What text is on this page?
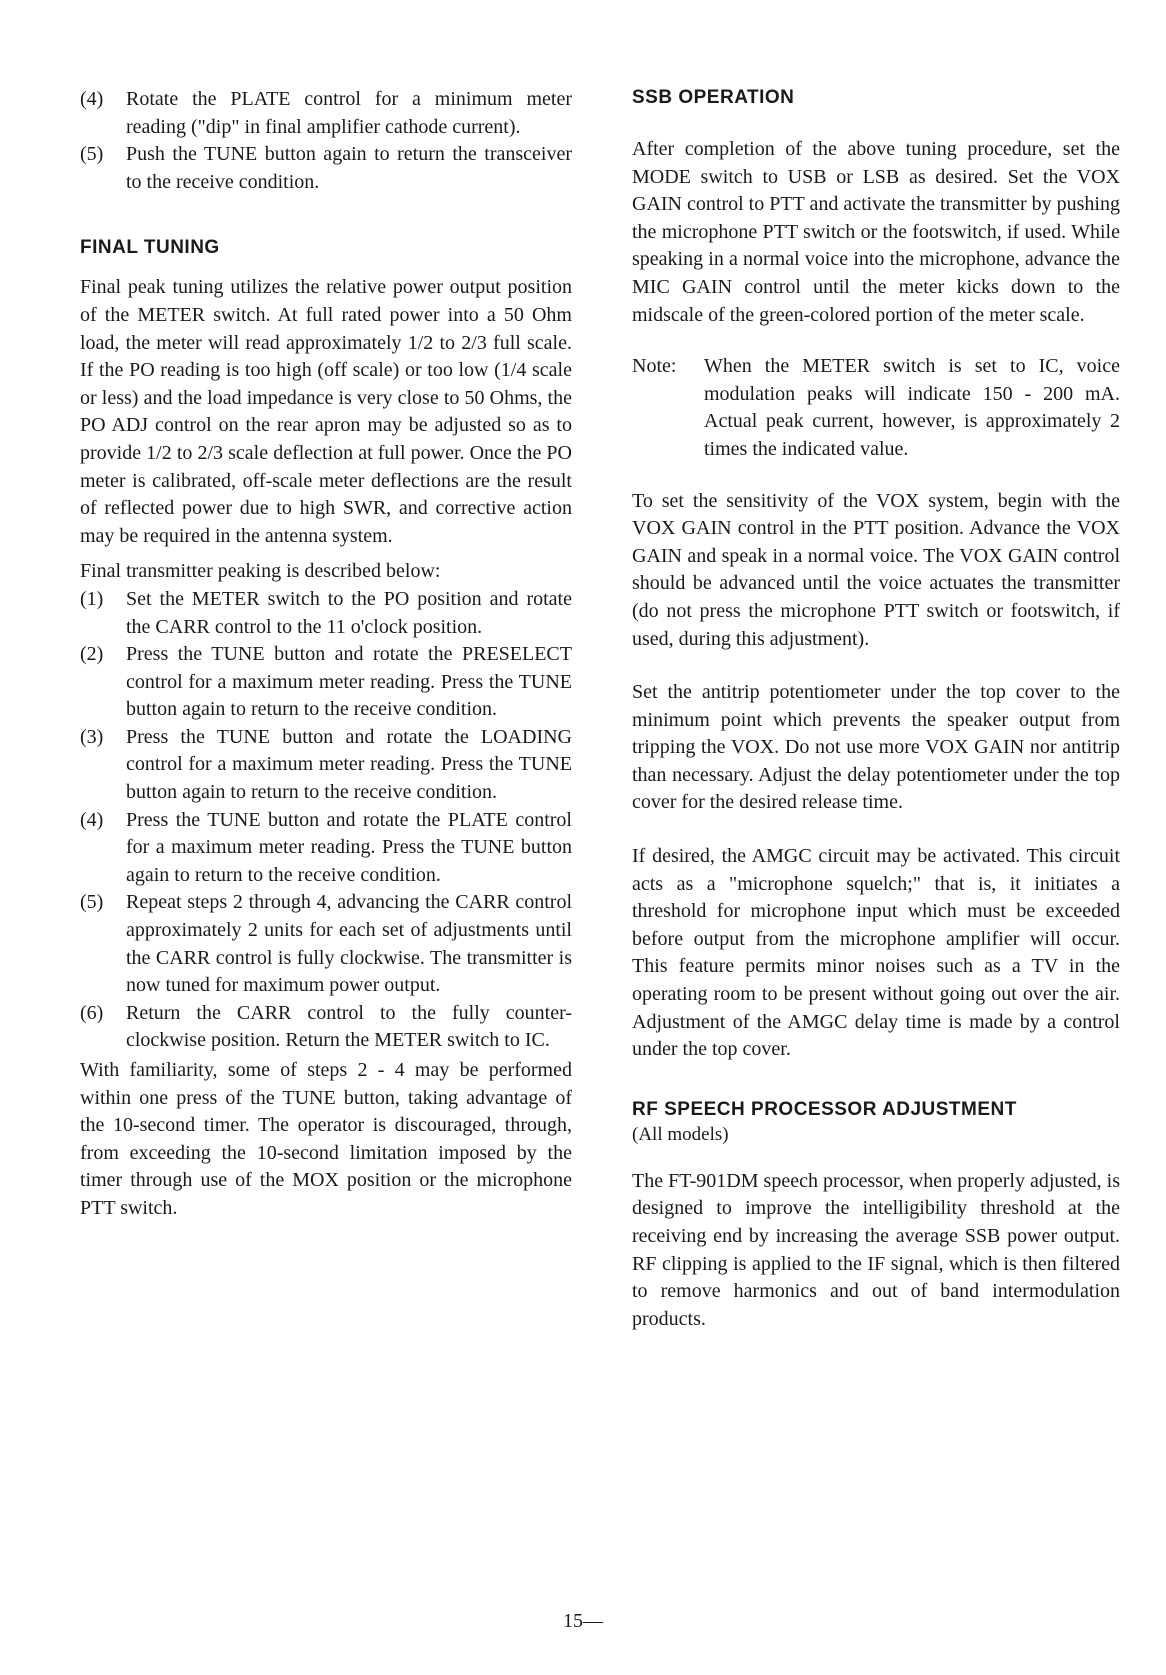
(4)	Rotate the PLATE control for a minimum meter reading ("dip" in final amplifier cathode current).
(5)	Push the TUNE button again to return the transceiver to the receive condition.
FINAL TUNING

Final peak tuning utilizes the relative power output position of the METER switch. At full rated power into a 50 Ohm load, the meter will read approximately 1/2 to 2/3 full scale. If the PO reading is too high (off scale) or too low (1/4 scale or less) and the load impedance is very close to 50 Ohms, the PO ADJ control on the rear apron may be adjusted so as to provide 1/2 to 2/3 scale deflection at full power. Once the PO meter is calibrated, off-scale meter deflections are the result of reflected power due to high SWR, and corrective action may be required in the antenna system.

Final transmitter peaking is described below:

(1)	Set the METER switch to the PO position and rotate the CARR control to the 11 o'clock position.
(2)	Press the TUNE button and rotate the PRESELECT control for a maximum meter reading. Press the TUNE button again to return to the receive condition.
(3)	Press the TUNE button and rotate the LOADING control for a maximum meter reading. Press the TUNE button again to return to the receive condition.
(4)	Press the TUNE button and rotate the PLATE control for a maximum meter reading. Press the TUNE button again to return to the receive condition.
(5)	Repeat steps 2 through 4, advancing the CARR control approximately 2 units for each set of adjustments until the CARR control is fully clockwise. The transmitter is now tuned for maximum power output.
(6)	Return the CARR control to the fully counter-clockwise position. Return the METER switch to IC.

With familiarity, some of steps 2 - 4 may be performed within one press of the TUNE button, taking advantage of the 10-second timer. The operator is discouraged, through, from exceeding the 10-second limitation imposed by the timer through use of the MOX position or the microphone PTT switch.

SSB OPERATION

After completion of the above tuning procedure, set the MODE switch to USB or LSB as desired. Set the VOX GAIN control to PTT and activate the transmitter by pushing the microphone PTT switch or the footswitch, if used. While speaking in a normal voice into the microphone, advance the MIC GAIN control until the meter kicks down to the midscale of the green-colored portion of the meter scale.

Note:	When the METER switch is set to IC, voice modulation peaks will indicate 150 - 200 mA. Actual peak current, however, is approximately 2 times the indicated value.

To set the sensitivity of the VOX system, begin with the VOX GAIN control in the PTT position. Advance the VOX GAIN and speak in a normal voice. The VOX GAIN control should be advanced until the voice actuates the transmitter (do not press the microphone PTT switch or footswitch, if used, during this adjustment).

Set the antitrip potentiometer under the top cover to the minimum point which prevents the speaker output from tripping the VOX. Do not use more VOX GAIN nor antitrip than necessary. Adjust the delay potentiometer under the top cover for the desired release time.

If desired, the AMGC circuit may be activated. This circuit acts as a "microphone squelch;" that is, it initiates a threshold for microphone input which must be exceeded before output from the microphone amplifier will occur. This feature permits minor noises such as a TV in the operating room to be present without going out over the air. Adjustment of the AMGC delay time is made by a control under the top cover.

RF SPEECH PROCESSOR ADJUSTMENT
(All models)

The FT-901DM speech processor, when properly adjusted, is designed to improve the intelligibility threshold at the receiving end by increasing the average SSB power output. RF clipping is applied to the IF signal, which is then filtered to remove harmonics and out of band intermodulation products.

15—
